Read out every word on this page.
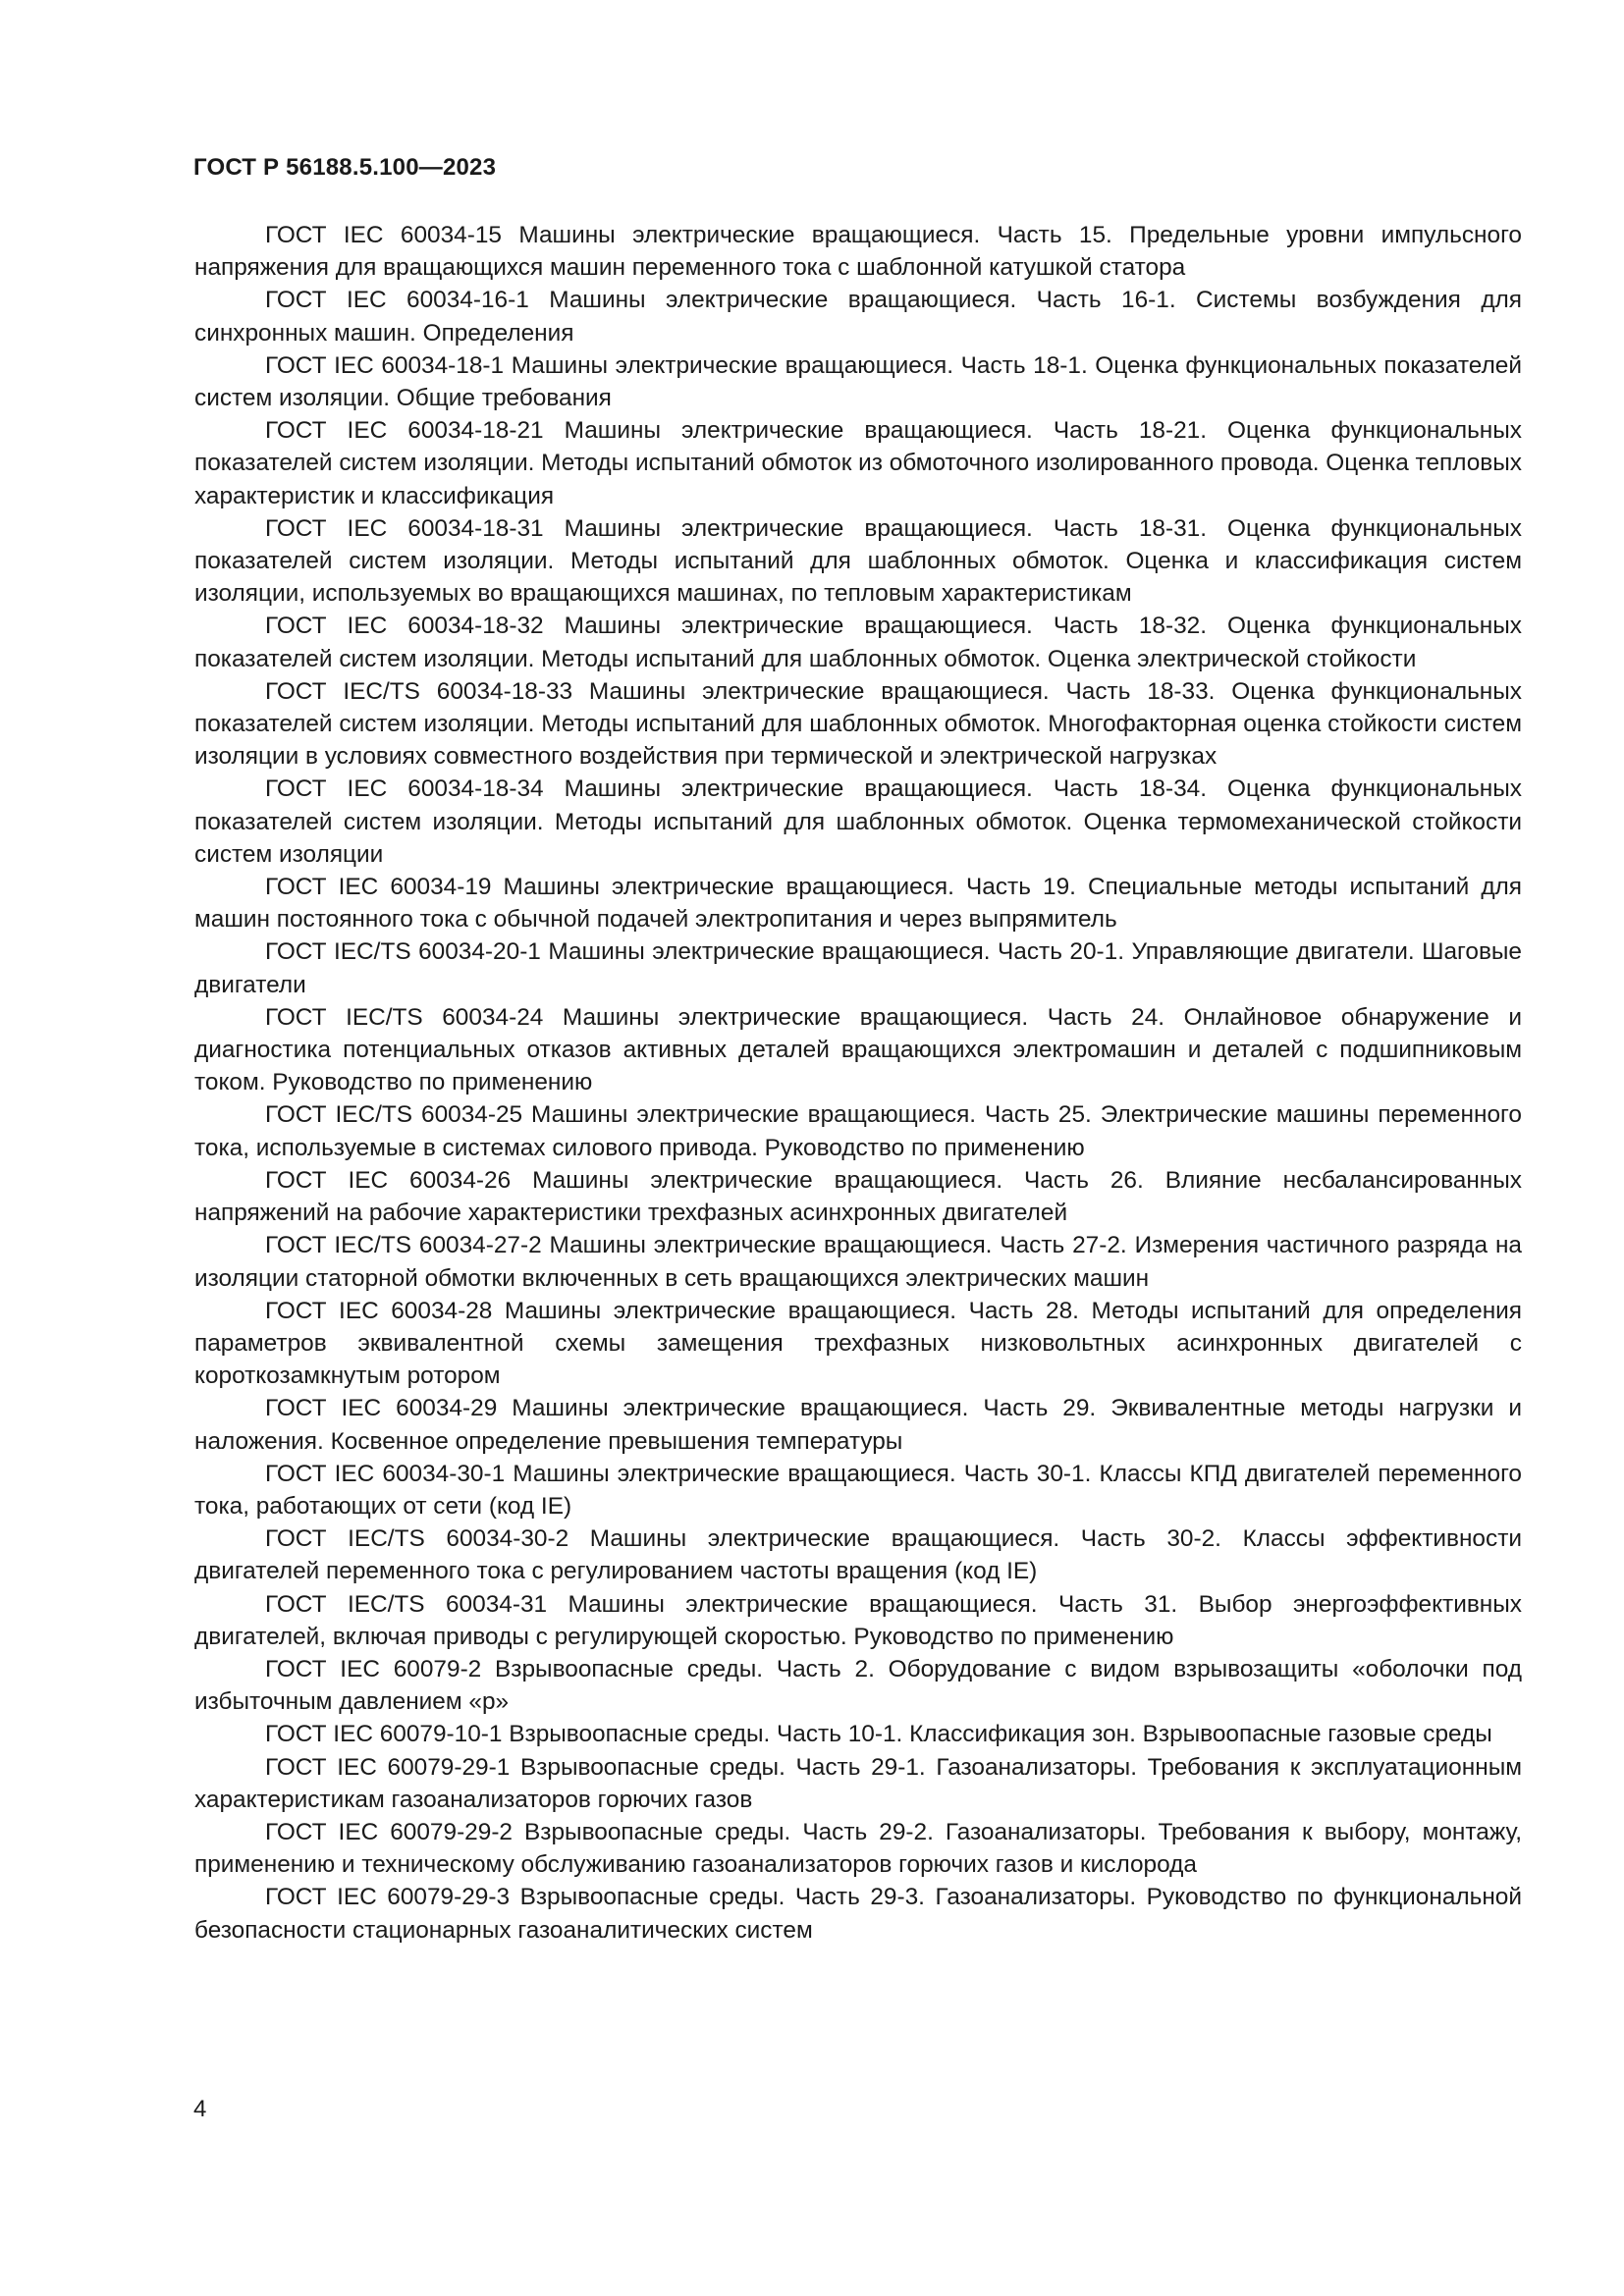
ГОСТ Р 56188.5.100—2023

ГОСТ IEC 60034-15 Машины электрические вращающиеся. Часть 15. Предельные уровни импульсного напряжения для вращающихся машин переменного тока с шаблонной катушкой статора

ГОСТ IEC 60034-16-1 Машины электрические вращающиеся. Часть 16-1. Системы возбуждения для синхронных машин. Определения

ГОСТ IEC 60034-18-1 Машины электрические вращающиеся. Часть 18-1. Оценка функциональных показателей систем изоляции. Общие требования

ГОСТ IEC 60034-18-21 Машины электрические вращающиеся. Часть 18-21. Оценка функциональных показателей систем изоляции. Методы испытаний обмоток из обмоточного изолированного провода. Оценка тепловых характеристик и классификация

ГОСТ IEC 60034-18-31 Машины электрические вращающиеся. Часть 18-31. Оценка функциональных показателей систем изоляции. Методы испытаний для шаблонных обмоток. Оценка и классификация систем изоляции, используемых во вращающихся машинах, по тепловым характеристикам

ГОСТ IEC 60034-18-32 Машины электрические вращающиеся. Часть 18-32. Оценка функциональных показателей систем изоляции. Методы испытаний для шаблонных обмоток. Оценка электрической стойкости

ГОСТ IEC/TS 60034-18-33 Машины электрические вращающиеся. Часть 18-33. Оценка функциональных показателей систем изоляции. Методы испытаний для шаблонных обмоток. Многофакторная оценка стойкости систем изоляции в условиях совместного воздействия при термической и электрической нагрузках

ГОСТ IEC 60034-18-34 Машины электрические вращающиеся. Часть 18-34. Оценка функциональных показателей систем изоляции. Методы испытаний для шаблонных обмоток. Оценка термомеханической стойкости систем изоляции

ГОСТ IEC 60034-19 Машины электрические вращающиеся. Часть 19. Специальные методы испытаний для машин постоянного тока с обычной подачей электропитания и через выпрямитель

ГОСТ IEC/TS 60034-20-1 Машины электрические вращающиеся. Часть 20-1. Управляющие двигатели. Шаговые двигатели

ГОСТ IEC/TS 60034-24 Машины электрические вращающиеся. Часть 24. Онлайновое обнаружение и диагностика потенциальных отказов активных деталей вращающихся электромашин и деталей с подшипниковым током. Руководство по применению

ГОСТ IEC/TS 60034-25 Машины электрические вращающиеся. Часть 25. Электрические машины переменного тока, используемые в системах силового привода. Руководство по применению

ГОСТ IEC 60034-26 Машины электрические вращающиеся. Часть 26. Влияние несбалансированных напряжений на рабочие характеристики трехфазных асинхронных двигателей

ГОСТ IEC/TS 60034-27-2 Машины электрические вращающиеся. Часть 27-2. Измерения частичного разряда на изоляции статорной обмотки включенных в сеть вращающихся электрических машин

ГОСТ IEC 60034-28 Машины электрические вращающиеся. Часть 28. Методы испытаний для определения параметров эквивалентной схемы замещения трехфазных низковольтных асинхронных двигателей с короткозамкнутым ротором

ГОСТ IEC 60034-29 Машины электрические вращающиеся. Часть 29. Эквивалентные методы нагрузки и наложения. Косвенное определение превышения температуры

ГОСТ IEC 60034-30-1 Машины электрические вращающиеся. Часть 30-1. Классы КПД двигателей переменного тока, работающих от сети (код IE)

ГОСТ IEC/TS 60034-30-2 Машины электрические вращающиеся. Часть 30-2. Классы эффективности двигателей переменного тока с регулированием частоты вращения (код IE)

ГОСТ IEC/TS 60034-31 Машины электрические вращающиеся. Часть 31. Выбор энергоэффективных двигателей, включая приводы с регулирующей скоростью. Руководство по применению

ГОСТ IEC 60079-2 Взрывоопасные среды. Часть 2. Оборудование с видом взрывозащиты «оболочки под избыточным давлением «р»

ГОСТ IEC 60079-10-1 Взрывоопасные среды. Часть 10-1. Классификация зон. Взрывоопасные газовые среды

ГОСТ IEC 60079-29-1 Взрывоопасные среды. Часть 29-1. Газоанализаторы. Требования к эксплуатационным характеристикам газоанализаторов горючих газов

ГОСТ IEC 60079-29-2 Взрывоопасные среды. Часть 29-2. Газоанализаторы. Требования к выбору, монтажу, применению и техническому обслуживанию газоанализаторов горючих газов и кислорода

ГОСТ IEC 60079-29-3 Взрывоопасные среды. Часть 29-3. Газоанализаторы. Руководство по функциональной безопасности стационарных газоаналитических систем

4
